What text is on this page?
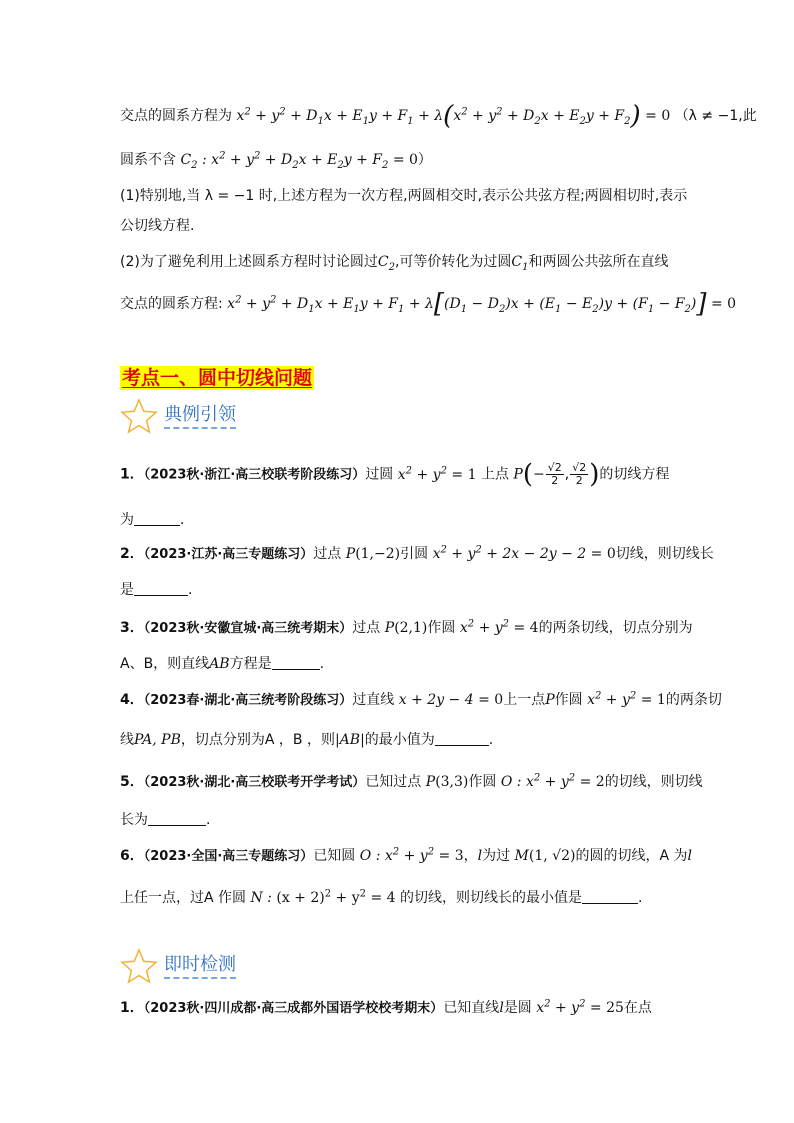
交点的圆系方程为 $x^2 + y^2 + D_1x + E_1y + F_1 + \lambda(x^2 + y^2 + D_2x + E_2y + F_2) = 0$ （λ ≠ −1,此
圆系不含 $C_2$ : $x^2 + y^2 + D_2x + E_2y + F_2 = 0$）
(1)特别地,当 λ = −1 时,上述方程为一次方程,两圆相交时,表示公共弦方程;两圆相切时,表示
公切线方程.
(2)为了避免利用上述圆系方程时讨论圆过$C_2$,可等价转化为过圆$C_1$和两圆公共弦所在直线
交点的圆系方程: $x^2 + y^2 + D_1x + E_1y + F_1 + \lambda[(D_1 - D_2)x + (E_1 - E_2)y + (F_1 - F_2)] = 0$
考点一、圆中切线问题
典例引领
1．（2023秋·浙江·高三校联考阶段练习）过圆 $x^2 + y^2 = 1$ 上点 $P(- \frac{√2}{2}$ , $\frac{√2}{2}$ )的切线方程
为	．
2．（2023·江苏·高三专题练习）过点 P(1,−2)引圆 $x^2 + y^2 + 2x - 2y - 2 = 0$切线，则切线长
是	.
3．（2023秋·安徽宣城·高三统考期末）过点 P(2,1)作圆 $x^2 + y^2 = 4$的两条切线，切点分别为
A、B，则直线AB方程是	.
4．（2023春·湖北·高三统考阶段练习）过直线 x + 2y − 4 = 0上一点P作圆 $x^2 + y^2 = 1$的两条切
线PA, PB，切点分别为A ，B ，则|AB|的最小值为	.
5．（2023秋·湖北·高三校联考开学考试）已知过点 P(3,3)作圆 O : $x^2 + y^2 = 2$的切线，则切线
长为	.
6．（2023·全国·高三专题练习）已知圆 O : $x^2 + y^2 = 3$，l为过 M(1, √2)的圆的切线，A 为l
上任一点，过A 作圆 N : $(x + 2)^2 + y^2 = 4$ 的切线，则切线长的最小值是	.
即时检测
1．（2023秋·四川成都·高三成都外国语学校校考期末）已知直线l是圆 $x^2 + y^2 = 25$在点
